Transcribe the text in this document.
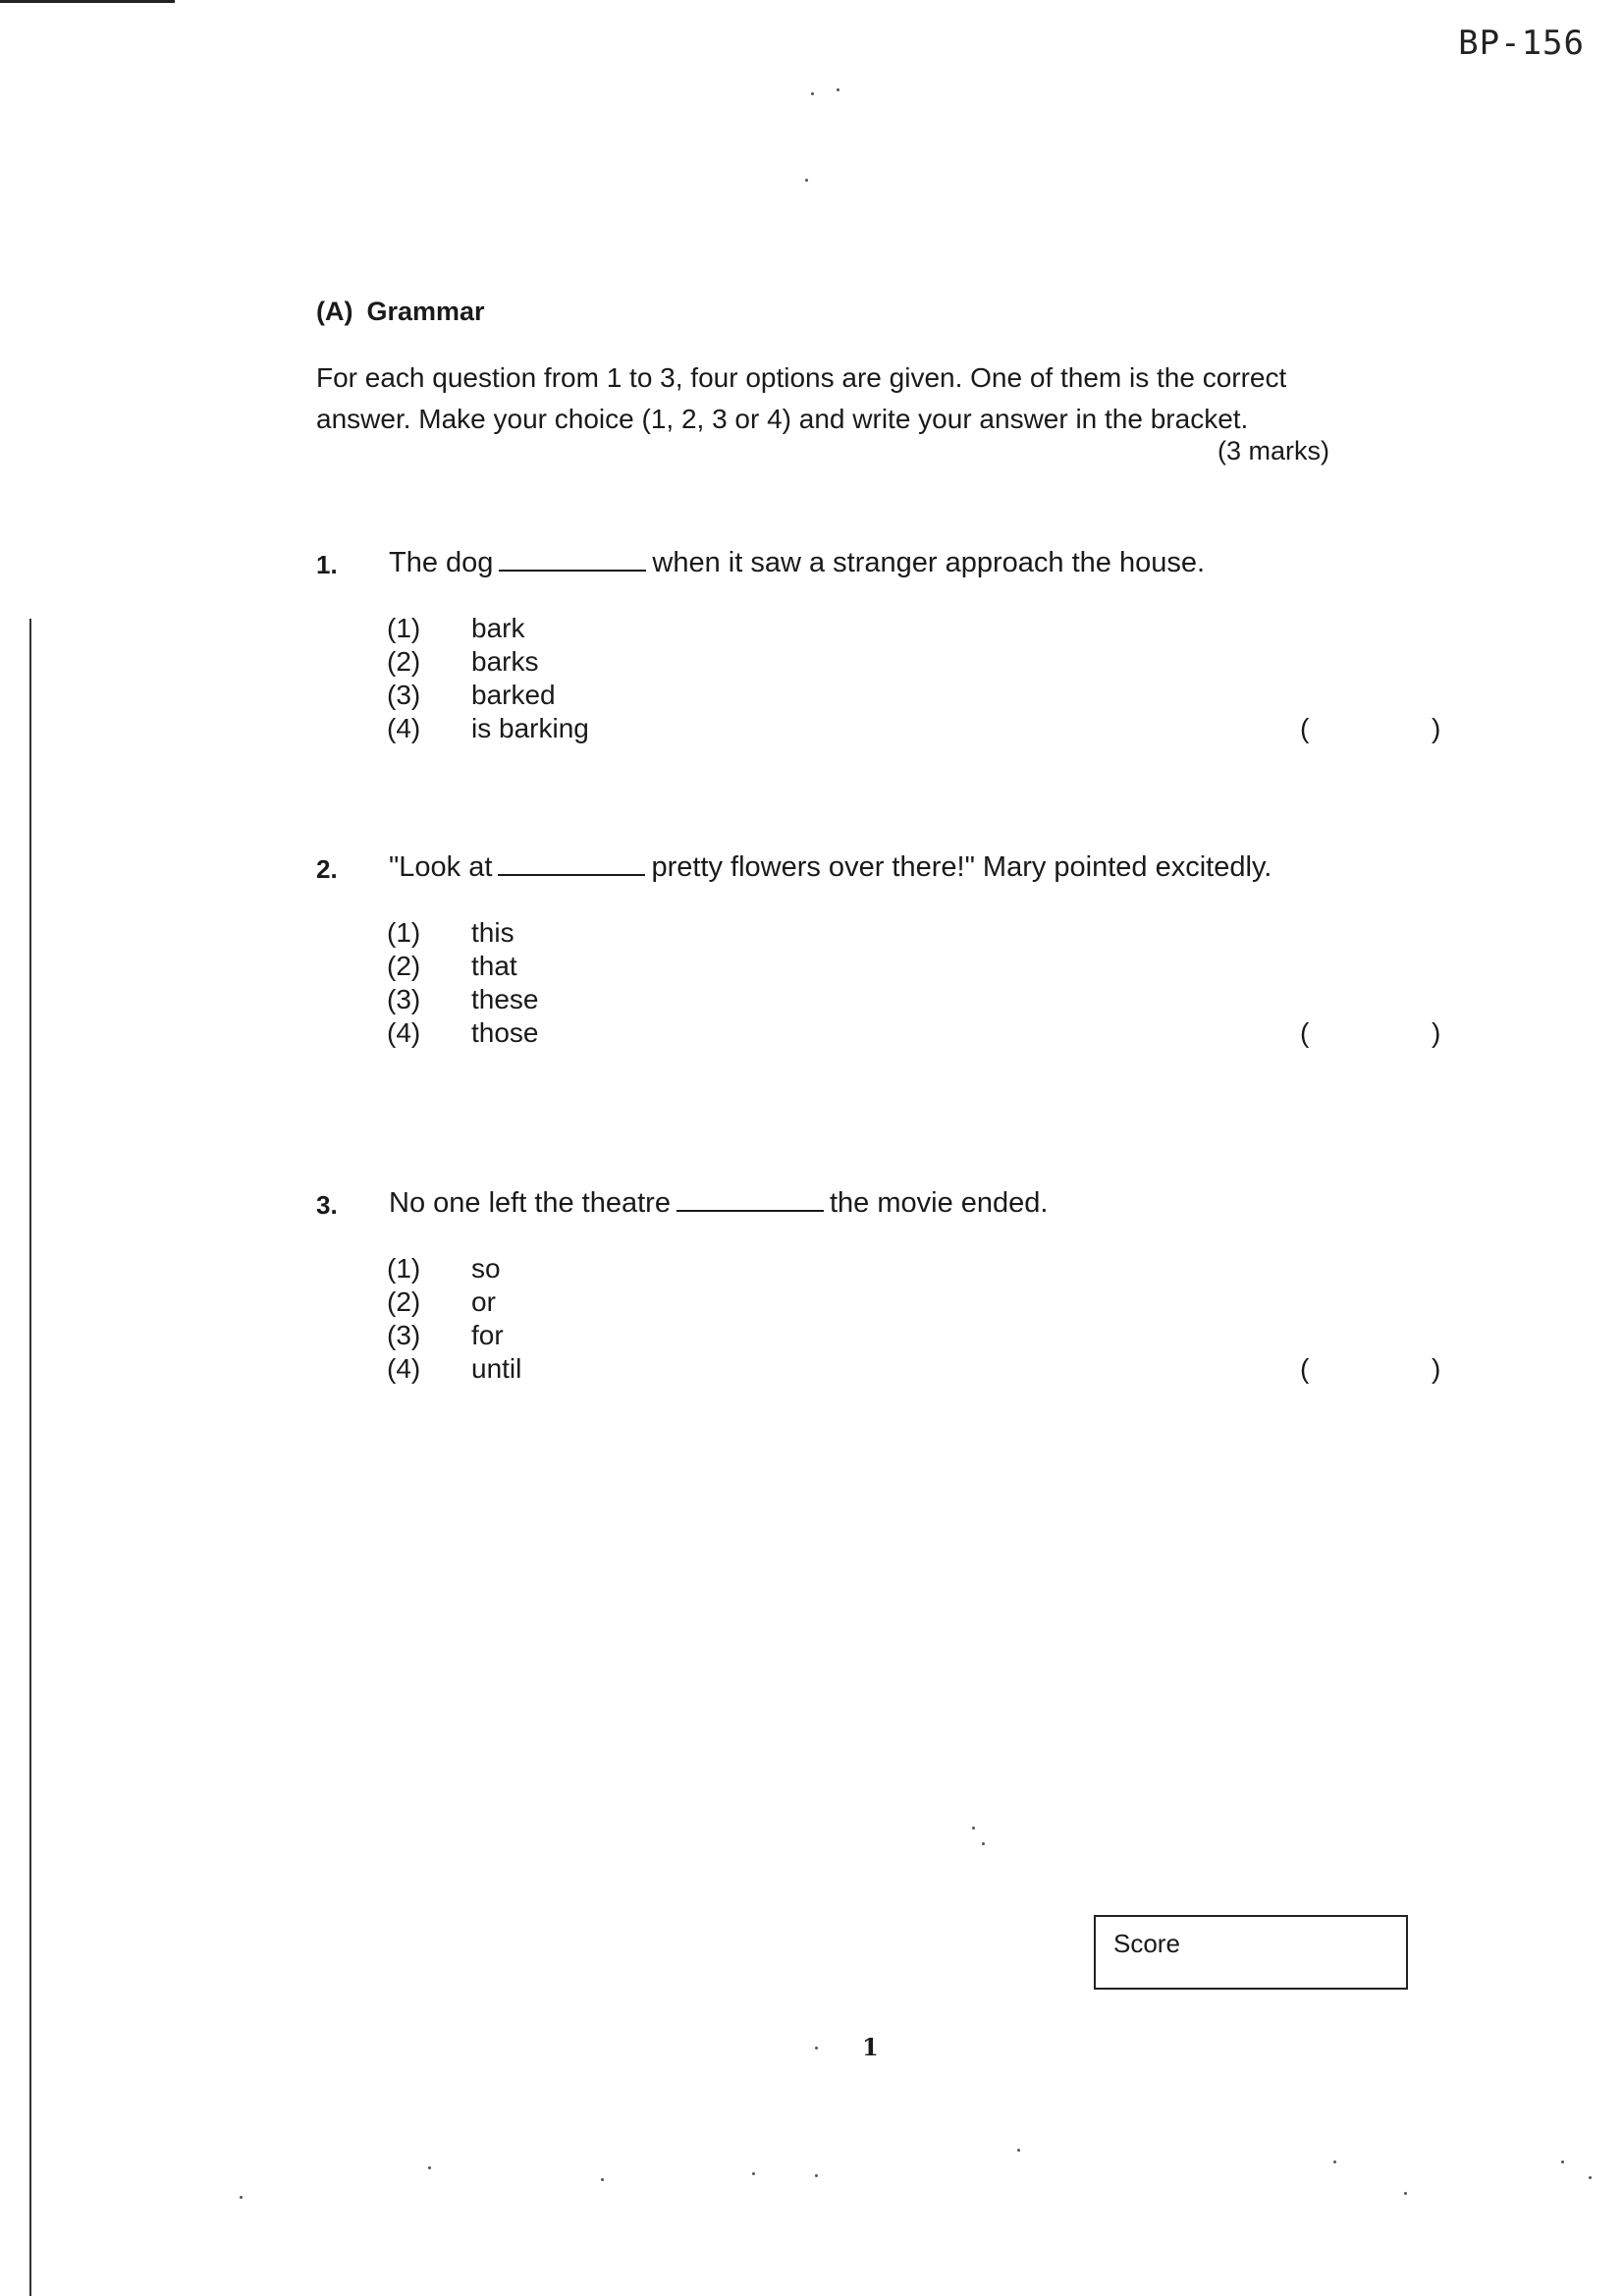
BP-156
(A) Grammar
For each question from 1 to 3, four options are given. One of them is the correct answer. Make your choice (1, 2, 3 or 4) and write your answer in the bracket.
(3 marks)
1. The dog	when it saw a stranger approach the house.
(1) bark
(2) barks
(3) barked
(4) is barking	(	)
2. "Look at	pretty flowers over there!" Mary pointed excitedly.
(1) this
(2) that
(3) these
(4) those	(	)
3. No one left the theatre	the movie ended.
(1) so
(2) or
(3) for
(4) until	(	)
Score
1
